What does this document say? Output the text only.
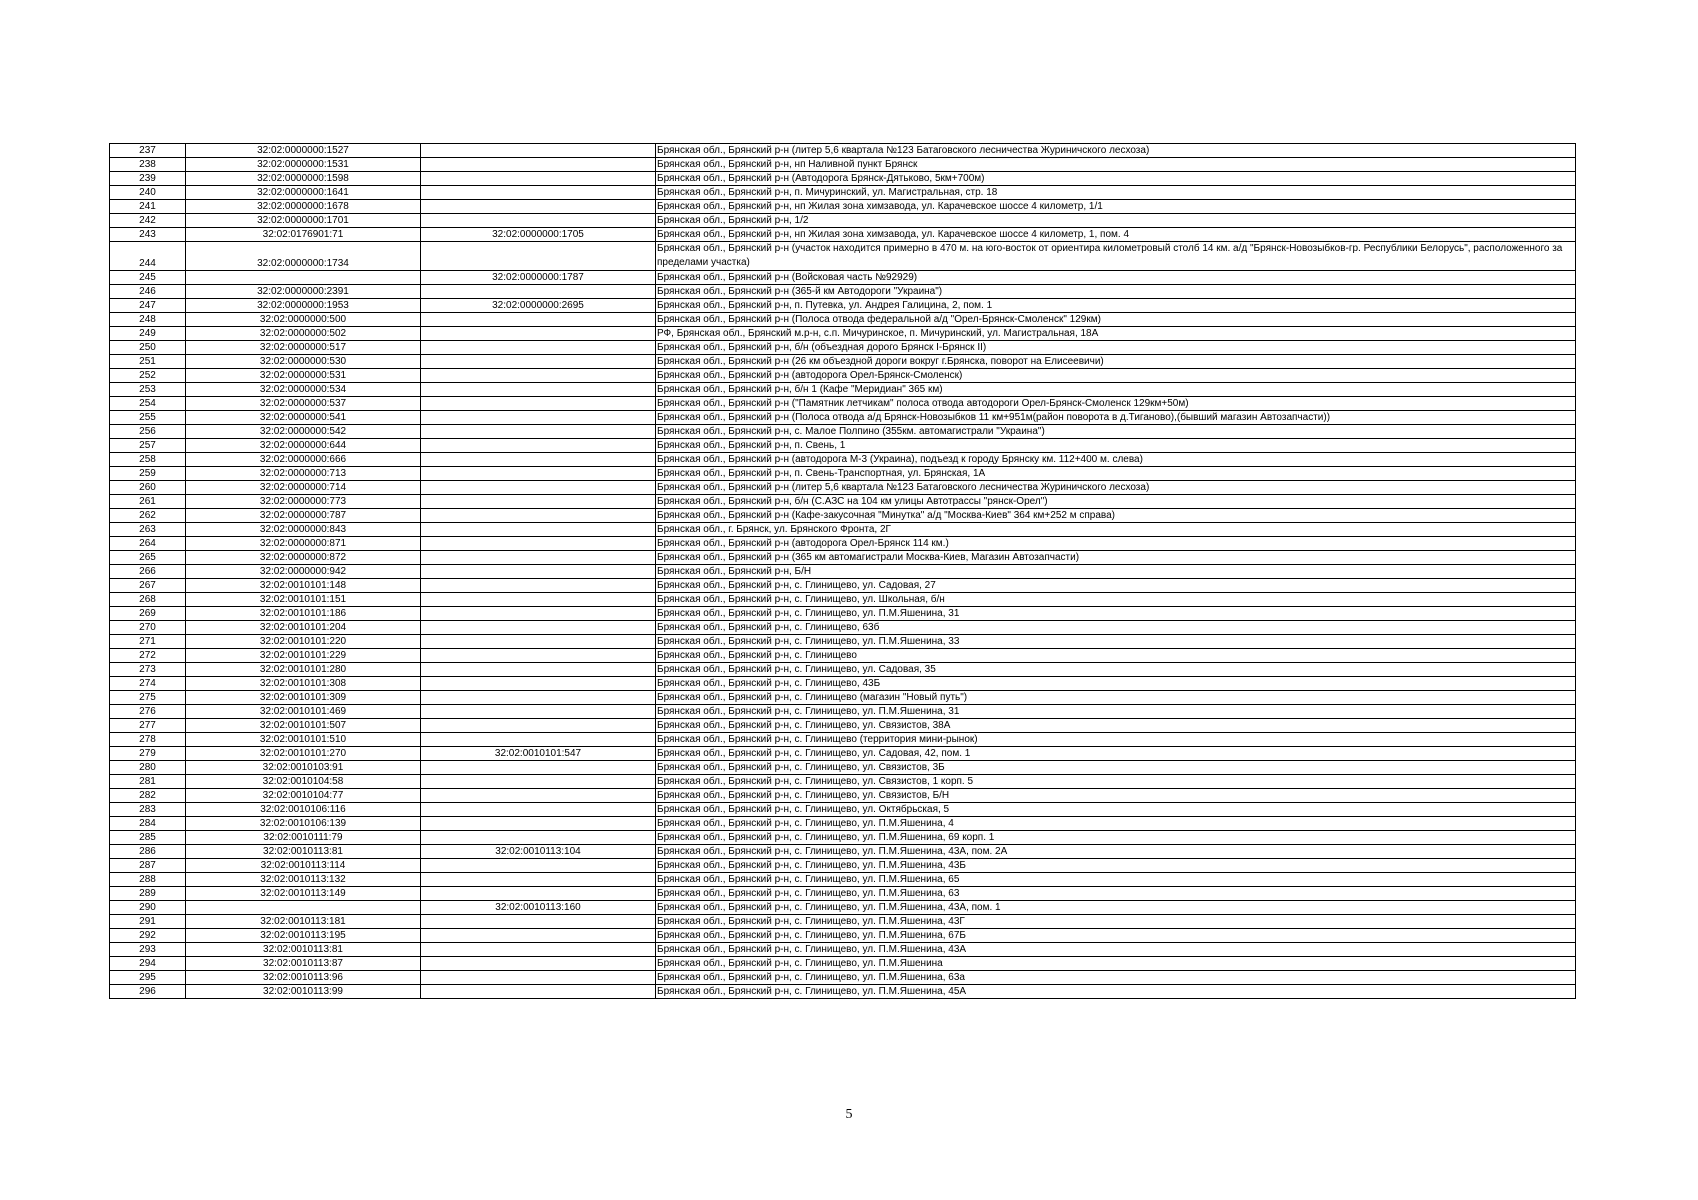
237	32:02:0000000:1527		Брянская обл., Брянский р-н (литер 5,6 квартала №123 Батаговского лесничества Журиничского лесхоза)
238	32:02:0000000:1531		Брянская обл., Брянский р-н, нп Наливной пункт Брянск
239	32:02:0000000:1598		Брянская обл., Брянский р-н (Автодорога Брянск-Дятьково, 5км+700м)
240	32:02:0000000:1641		Брянская обл., Брянский р-н, п. Мичуринский, ул. Магистральная, стр. 18
241	32:02:0000000:1678		Брянская обл., Брянский р-н, нп Жилая зона химзавода, ул. Карачевское шоссе 4 километр, 1/1
242	32:02:0000000:1701		Брянская обл., Брянский р-н, 1/2
243	32:02:0176901:71	32:02:0000000:1705	Брянская обл., Брянский р-н, нп Жилая зона химзавода, ул. Карачевское шоссе 4 километр, 1, пом. 4
244	32:02:0000000:1734		Брянская обл., Брянский р-н (участок находится примерно в 470 м. на юго-восток от ориентира километровый столб 14 км. а/д "Брянск-Новозыбков-гр. Республики Белорусь", расположенного за пределами участка)
245		32:02:0000000:1787	Брянская обл., Брянский р-н (Войсковая часть №92929)
246	32:02:0000000:2391		Брянская обл., Брянский р-н (365-й км Автодороги "Украина")
247	32:02:0000000:1953	32:02:0000000:2695	Брянская обл., Брянский р-н, п. Путевка, ул. Андрея Галицина, 2, пом. 1
248	32:02:0000000:500		Брянская обл., Брянский р-н (Полоса отвода федеральной а/д "Орел-Брянск-Смоленск" 129км)
249	32:02:0000000:502		РФ, Брянская обл., Брянский м.р-н, с.п. Мичуринское, п. Мичуринский, ул. Магистральная, 18А
250	32:02:0000000:517		Брянская обл., Брянский р-н, б/н (объездная дорого Брянск I-Брянск II)
251	32:02:0000000:530		Брянская обл., Брянский р-н (26 км объездной дороги вокруг г.Брянска, поворот на Елисеевичи)
252	32:02:0000000:531		Брянская обл., Брянский р-н (автодорога Орел-Брянск-Смоленск)
253	32:02:0000000:534		Брянская обл., Брянский р-н, б/н 1 (Кафе "Меридиан" 365 км)
254	32:02:0000000:537		Брянская обл., Брянский р-н ("Памятник летчикам" полоса отвода автодороги Орел-Брянск-Смоленск 129км+50м)
255	32:02:0000000:541		Брянская обл., Брянский р-н (Полоса отвода а/д Брянск-Новозыбков 11 км+951м(район поворота в д.Тиганово),(бывший магазин Автозапчасти))
256	32:02:0000000:542		Брянская обл., Брянский р-н, с. Малое Полпино (355км. автомагистрали "Украина")
257	32:02:0000000:644		Брянская обл., Брянский р-н, п. Свень, 1
258	32:02:0000000:666		Брянская обл., Брянский р-н (автодорога М-3 (Украина), подъезд к городу Брянску км. 112+400 м. слева)
259	32:02:0000000:713		Брянская обл., Брянский р-н, п. Свень-Транспортная, ул. Брянская, 1А
260	32:02:0000000:714		Брянская обл., Брянский р-н (литер 5,6 квартала №123 Батаговского лесничества Журиничского лесхоза)
261	32:02:0000000:773		Брянская обл., Брянский р-н, б/н (С.АЗС на 104 км улицы Автотрассы "рянск-Орел")
262	32:02:0000000:787		Брянская обл., Брянский р-н (Кафе-закусочная "Минутка" а/д "Москва-Киев" 364 км+252 м справа)
263	32:02:0000000:843		Брянская обл., г. Брянск, ул. Брянского Фронта, 2Г
264	32:02:0000000:871		Брянская обл., Брянский р-н (автодорога Орел-Брянск 114 км.)
265	32:02:0000000:872		Брянская обл., Брянский р-н (365 км автомагистрали Москва-Киев, Магазин Автозапчасти)
266	32:02:0000000:942		Брянская обл., Брянский р-н, Б/Н
267	32:02:0010101:148		Брянская обл., Брянский р-н, с. Глинищево, ул. Садовая, 27
268	32:02:0010101:151		Брянская обл., Брянский р-н, с. Глинищево, ул. Школьная, б/н
269	32:02:0010101:186		Брянская обл., Брянский р-н, с. Глинищево, ул. П.М.Яшенина, 31
270	32:02:0010101:204		Брянская обл., Брянский р-н, с. Глинищево, 63б
271	32:02:0010101:220		Брянская обл., Брянский р-н, с. Глинищево, ул. П.М.Яшенина, 33
272	32:02:0010101:229		Брянская обл., Брянский р-н, с. Глинищево
273	32:02:0010101:280		Брянская обл., Брянский р-н, с. Глинищево, ул. Садовая, 35
274	32:02:0010101:308		Брянская обл., Брянский р-н, с. Глинищево, 43Б
275	32:02:0010101:309		Брянская обл., Брянский р-н, с. Глинищево (магазин "Новый путь")
276	32:02:0010101:469		Брянская обл., Брянский р-н, с. Глинищево, ул. П.М.Яшенина, 31
277	32:02:0010101:507		Брянская обл., Брянский р-н, с. Глинищево, ул. Связистов, 38А
278	32:02:0010101:510		Брянская обл., Брянский р-н, с. Глинищево (территория мини-рынок)
279	32:02:0010101:270	32:02:0010101:547	Брянская обл., Брянский р-н, с. Глинищево, ул. Садовая, 42, пом. 1
280	32:02:0010103:91		Брянская обл., Брянский р-н, с. Глинищево, ул. Связистов, 3Б
281	32:02:0010104:58		Брянская обл., Брянский р-н, с. Глинищево, ул. Связистов, 1 корп. 5
282	32:02:0010104:77		Брянская обл., Брянский р-н, с. Глинищево, ул. Связистов, Б/Н
283	32:02:0010106:116		Брянская обл., Брянский р-н, с. Глинищево, ул. Октябрьская, 5
284	32:02:0010106:139		Брянская обл., Брянский р-н, с. Глинищево, ул. П.М.Яшенина, 4
285	32:02:0010111:79		Брянская обл., Брянский р-н, с. Глинищево, ул. П.М.Яшенина, 69 корп. 1
286	32:02:0010113:81	32:02:0010113:104	Брянская обл., Брянский р-н, с. Глинищево, ул. П.М.Яшенина, 43А, пом. 2А
287	32:02:0010113:114		Брянская обл., Брянский р-н, с. Глинищево, ул. П.М.Яшенина, 43Б
288	32:02:0010113:132		Брянская обл., Брянский р-н, с. Глинищево, ул. П.М.Яшенина, 65
289	32:02:0010113:149		Брянская обл., Брянский р-н, с. Глинищево, ул. П.М.Яшенина, 63
290		32:02:0010113:160	Брянская обл., Брянский р-н, с. Глинищево, ул. П.М.Яшенина, 43А, пом. 1
291	32:02:0010113:181		Брянская обл., Брянский р-н, с. Глинищево, ул. П.М.Яшенина, 43Г
292	32:02:0010113:195		Брянская обл., Брянский р-н, с. Глинищево, ул. П.М.Яшенина, 67Б
293	32:02:0010113:81		Брянская обл., Брянский р-н, с. Глинищево, ул. П.М.Яшенина, 43А
294	32:02:0010113:87		Брянская обл., Брянский р-н, с. Глинищево, ул. П.М.Яшенина
295	32:02:0010113:96		Брянская обл., Брянский р-н, с. Глинищево, ул. П.М.Яшенина, 63а
296	32:02:0010113:99		Брянская обл., Брянский р-н, с. Глинищево, ул. П.М.Яшенина, 45А
5
